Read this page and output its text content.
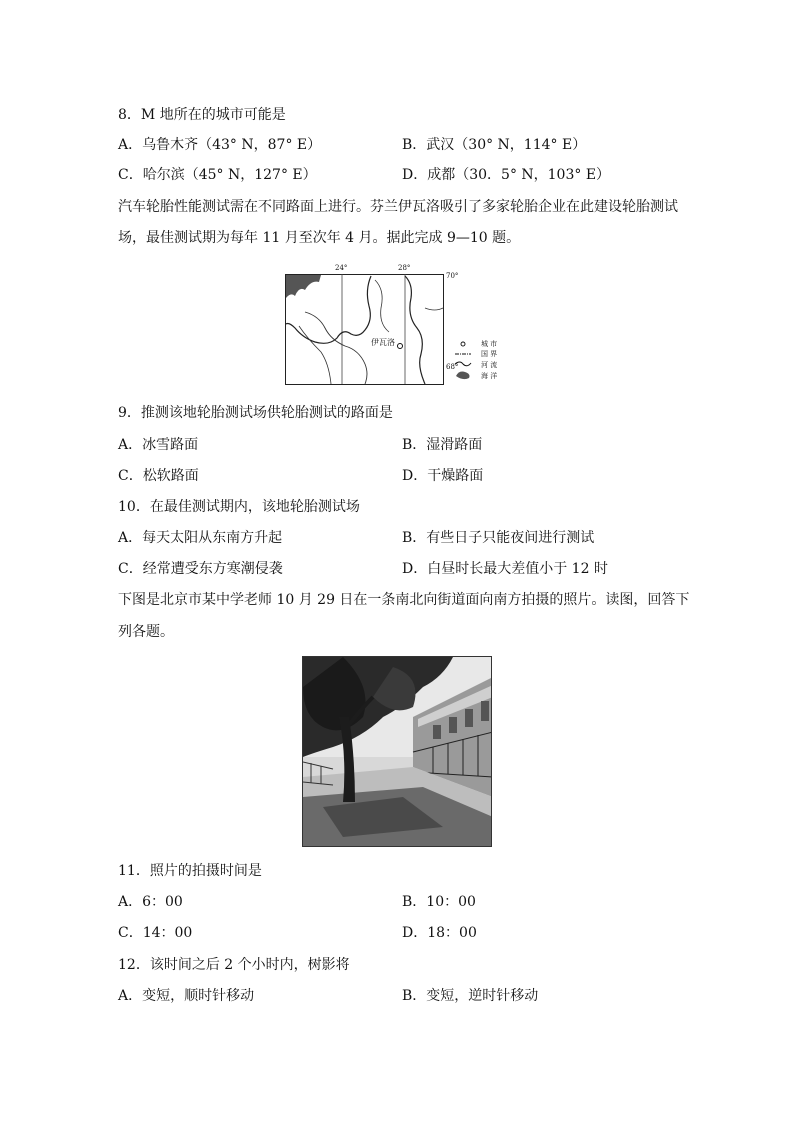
8．M 地所在的城市可能是
A．乌鲁木齐（43° N，87° E）	B．武汉（30° N，114° E）
C．哈尔滨（45° N，127° E）	D．成都（30．5° N，103° E）
汽车轮胎性能测试需在不同路面上进行。芬兰伊瓦洛吸引了多家轮胎企业在此建设轮胎测试
场，最佳测试期为每年 11 月至次年 4 月。据此完成 9—10 题。
24°	28°
70°
68°
伊瓦洛	城 市
国 界
河 流
海 洋
9．推测该地轮胎测试场供轮胎测试的路面是
A．冰雪路面	B．湿滑路面
C．松软路面	D．干燥路面
10．在最佳测试期内，该地轮胎测试场
A．每天太阳从东南方升起	B．有些日子只能夜间进行测试
C．经常遭受东方寒潮侵袭	D．白昼时长最大差值小于 12 时
下图是北京市某中学老师 10 月 29 日在一条南北向街道面向南方拍摄的照片。读图，回答下
列各题。
11．照片的拍摄时间是
A．6：00	B．10：00
C．14：00	D．18：00
12．该时间之后 2 个小时内，树影将
A．变短，顺时针移动	B．变短，逆时针移动
